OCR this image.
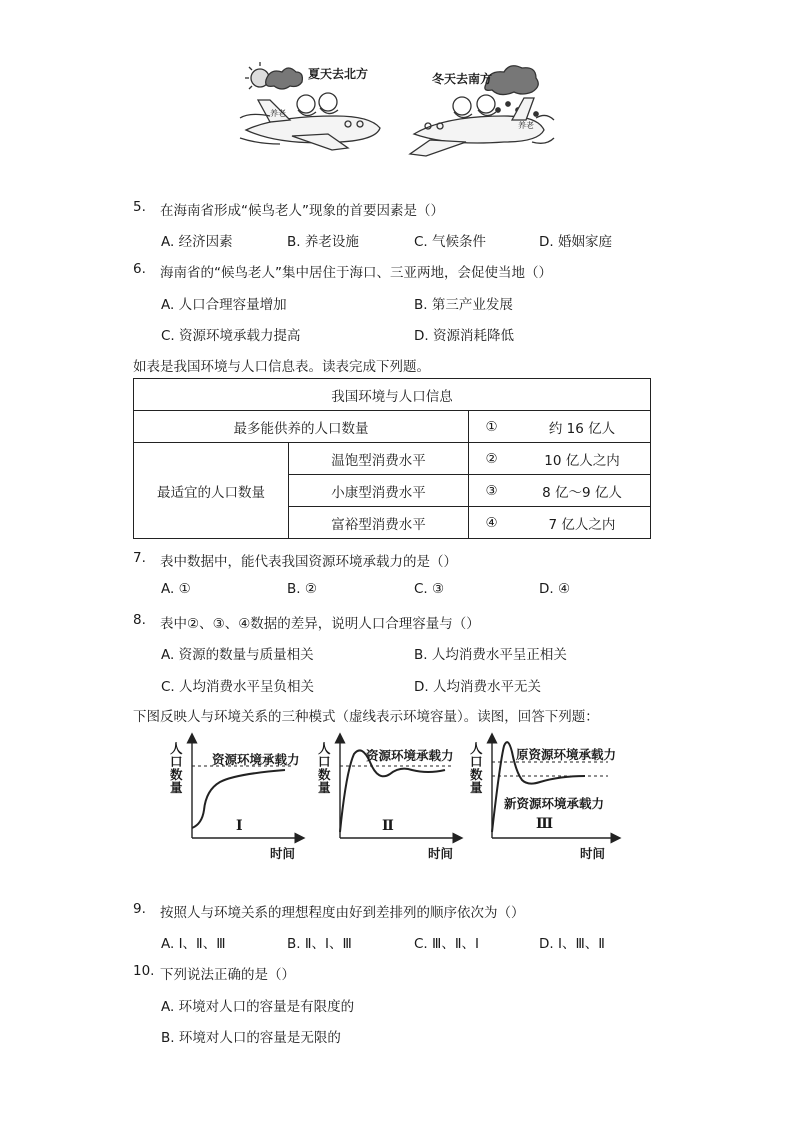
夏天去北方	冬天去南方
养老
养老
5. 在海南省形成“候鸟老人”现象的首要因素是（）
A. 经济因素	B. 养老设施	C. 气候条件	D. 婚姻家庭
6. 海南省的“候鸟老人”集中居住于海口、三亚两地，会促使当地（）
A. 人口合理容量增加	B. 第三产业发展
C. 资源环境承载力提高	D. 资源消耗降低
如表是我国环境与人口信息表。读表完成下列题。
我国环境与人口信息			
最多能供养的人口数量		①	约 16 亿人
最适宜的人口数量	温饱型消费水平	②	10 亿人之内
	小康型消费水平	③	8 亿～9 亿人
	富裕型消费水平	④	7 亿人之内
7. 表中数据中，能代表我国资源环境承载力的是（）
A. ①	B. ②	C. ③	D. ④
8. 表中②、③、④数据的差异，说明人口合理容量与（）
A. 资源的数量与质量相关	B. 人均消费水平呈正相关
C. 人均消费水平呈负相关	D. 人均消费水平无关
下图反映人与环境关系的三种模式（虚线表示环境容量）。读图，回答下列题：
人口数量
人口数量
人口数量
时间	时间	时间
资源环境承载力	资源环境承载力	原资源环境承载力
新资源环境承载力
Ⅰ	Ⅱ	Ⅲ
9. 按照人与环境关系的理想程度由好到差排列的顺序依次为（）
A. Ⅰ、Ⅱ、Ⅲ	B. Ⅱ、Ⅰ、Ⅲ	C. Ⅲ、Ⅱ、Ⅰ	D. Ⅰ、Ⅲ、Ⅱ
10. 下列说法正确的是（）
A. 环境对人口的容量是有限度的
B. 环境对人口的容量是无限的
